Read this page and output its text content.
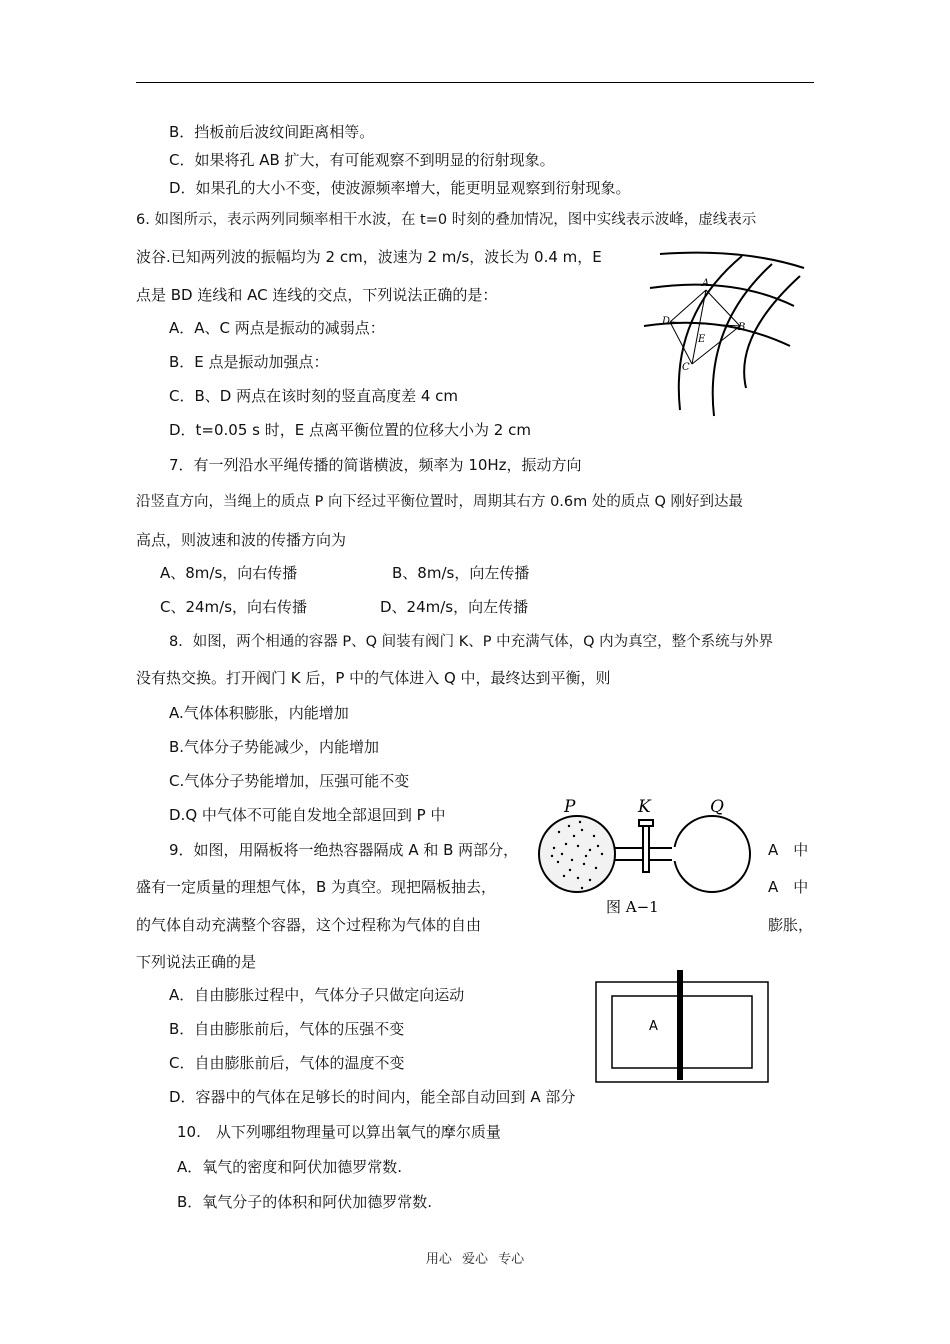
B．挡板前后波纹间距离相等。
C．如果将孔 AB 扩大，有可能观察不到明显的衍射现象。
D．如果孔的大小不变，使波源频率增大，能更明显观察到衍射现象。
6. 如图所示，表示两列同频率相干水波，在 t=0 时刻的叠加情况，图中实线表示波峰，虚线表示
波谷.已知两列波的振幅均为 2 cm，波速为 2 m/s，波长为 0.4 m，E
点是 BD 连线和 AC 连线的交点，下列说法正确的是：
A．A、C 两点是振动的减弱点：
B．E 点是振动加强点：
C．B、D 两点在该时刻的竖直高度差 4 cm
D．t=0.05 s 时，E 点离平衡位置的位移大小为 2 cm
7．有一列沿水平绳传播的简谐横波，频率为 10Hz，振动方向
沿竖直方向，当绳上的质点 P 向下经过平衡位置时，周期其右方 0.6m 处的质点 Q 刚好到达最
高点，则波速和波的传播方向为
A、8m/s，向右传播	B、8m/s，向左传播
C、24m/s，向右传播	D、24m/s，向左传播
8．如图，两个相通的容器 P、Q 间装有阀门 K、P 中充满气体，Q 内为真空，整个系统与外界
没有热交换。打开阀门 K 后，P 中的气体进入 Q 中，最终达到平衡，则
A.气体体积膨胀，内能增加
B.气体分子势能减少，内能增加
C.气体分子势能增加，压强可能不变
D.Q 中气体不可能自发地全部退回到 P 中
9．如图，用隔板将一绝热容器隔成 A 和 B 两部分，	A　中
盛有一定质量的理想气体，B 为真空。现把隔板抽去，	A　中
的气体自动充满整个容器，这个过程称为气体的自由	膨胀，
下列说法正确的是
A．自由膨胀过程中，气体分子只做定向运动
B．自由膨胀前后，气体的压强不变
C．自由膨胀前后，气体的温度不变
D．容器中的气体在足够长的时间内，能全部自动回到 A 部分
10.　从下列哪组物理量可以算出氧气的摩尔质量
A．氧气的密度和阿伏加德罗常数.
B．氧气分子的体积和阿伏加德罗常数.
A
D
B
E
C
P	K	Q
图 A−1
A
用心 爱心 专心
